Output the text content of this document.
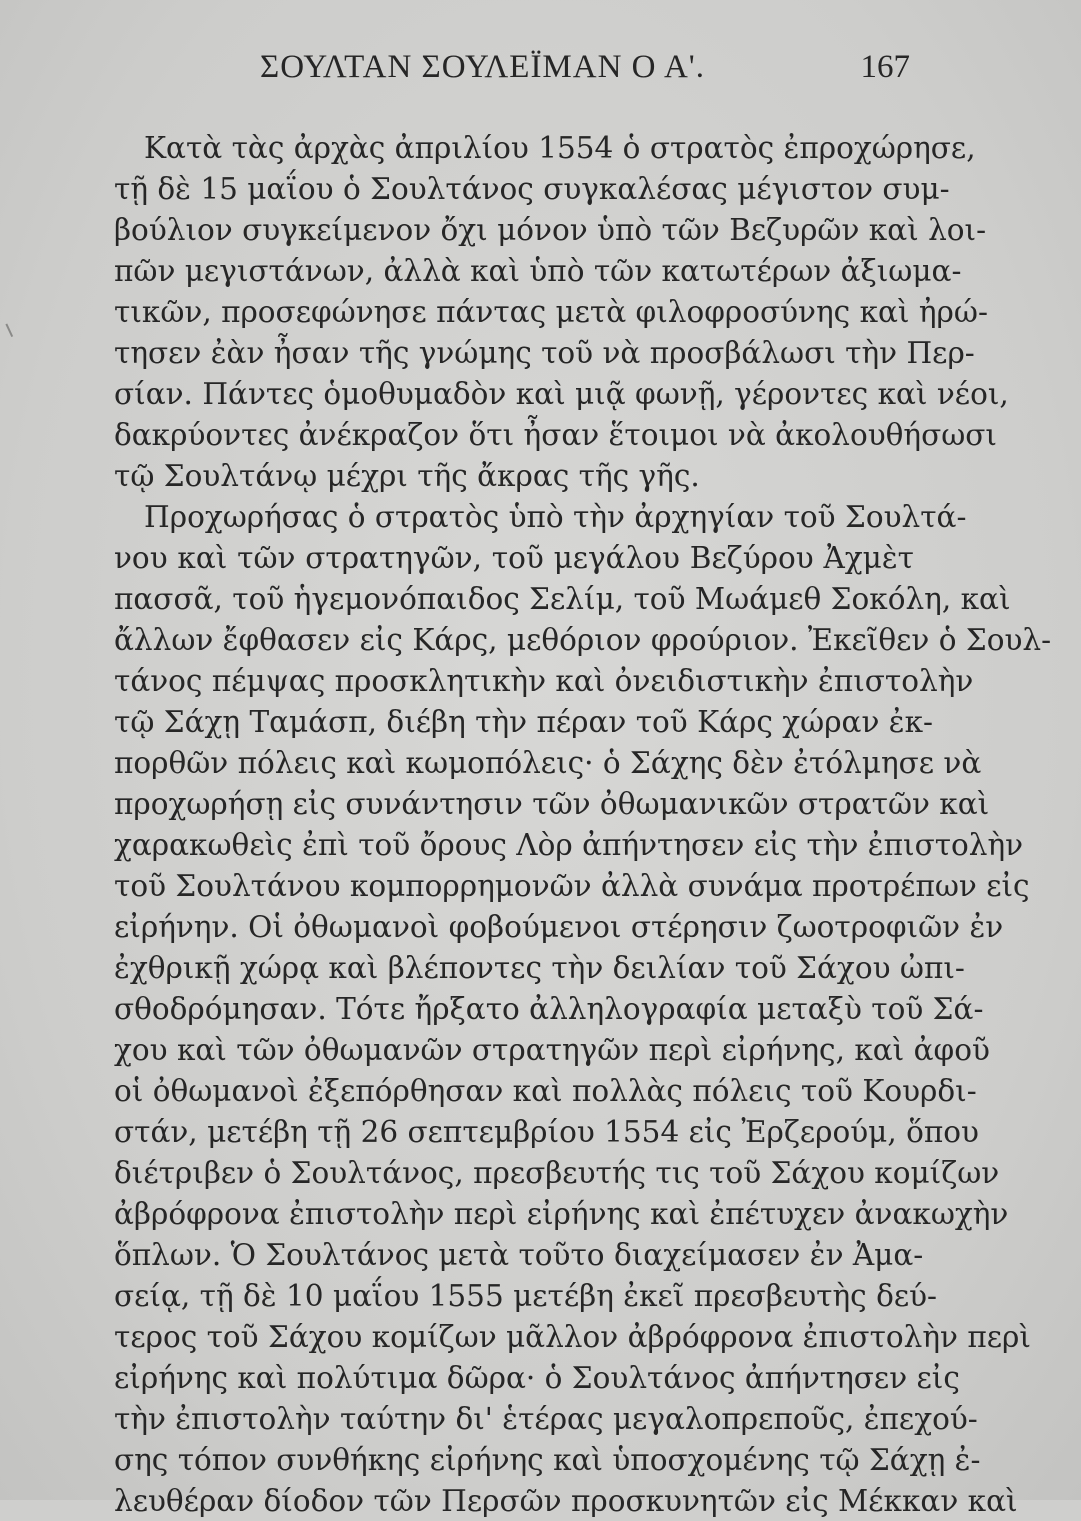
ΣΟΥΛΤΑΝ ΣΟΥΛΕΪΜΑΝ Ο Α'.	167
Κατὰ τὰς ἀρχὰς ἀπριλίου 1554 ὁ στρατὸς ἐπροχώρησε,
τῇ δὲ 15 μαΐου ὁ Σουλτάνος συγκαλέσας μέγιστον συμ-
βούλιον συγκείμενον ὄχι μόνον ὑπὸ τῶν Βεζυρῶν καὶ λοι-
πῶν μεγιστάνων, ἀλλὰ καὶ ὑπὸ τῶν κατωτέρων ἀξιωμα-
τικῶν, προσεφώνησε πάντας μετὰ φιλοφροσύνης καὶ ἠρώ-
τησεν ἐὰν ἦσαν τῆς γνώμης τοῦ νὰ προσβάλωσι τὴν Περ-
σίαν. Πάντες ὁμοθυμαδὸν καὶ μιᾷ φωνῇ, γέροντες καὶ νέοι,
δακρύοντες ἀνέκραζον ὅτι ἦσαν ἕτοιμοι νὰ ἀκολουθήσωσι
τῷ Σουλτάνῳ μέχρι τῆς ἄκρας τῆς γῆς.
Προχωρήσας ὁ στρατὸς ὑπὸ τὴν ἀρχηγίαν τοῦ Σουλτά-
νου καὶ τῶν στρατηγῶν, τοῦ μεγάλου Βεζύρου Ἀχμὲτ
πασσᾶ, τοῦ ἡγεμονόπαιδος Σελίμ, τοῦ Μωάμεθ Σοκόλη, καὶ
ἄλλων ἔφθασεν εἰς Κάρς, μεθόριον φρούριον. Ἐκεῖθεν ὁ Σουλ-
τάνος πέμψας προσκλητικὴν καὶ ὀνειδιστικὴν ἐπιστολὴν
τῷ Σάχῃ Ταμάσπ, διέβη τὴν πέραν τοῦ Κάρς χώραν ἐκ-
πορθῶν πόλεις καὶ κωμοπόλεις· ὁ Σάχης δὲν ἐτόλμησε νὰ
προχωρήσῃ εἰς συνάντησιν τῶν ὀθωμανικῶν στρατῶν καὶ
χαρακωθεὶς ἐπὶ τοῦ ὄρους Λὸρ ἀπήντησεν εἰς τὴν ἐπιστολὴν
τοῦ Σουλτάνου κομπορρημονῶν ἀλλὰ συνάμα προτρέπων εἰς
εἰρήνην. Οἱ ὀθωμανοὶ φοβούμενοι στέρησιν ζωοτροφιῶν ἐν
ἐχθρικῇ χώρᾳ καὶ βλέποντες τὴν δειλίαν τοῦ Σάχου ὠπι-
σθοδρόμησαν. Τότε ἤρξατο ἀλληλογραφία μεταξὺ τοῦ Σά-
χου καὶ τῶν ὀθωμανῶν στρατηγῶν περὶ εἰρήνης, καὶ ἀφοῦ
οἱ ὀθωμανοὶ ἐξεπόρθησαν καὶ πολλὰς πόλεις τοῦ Κουρδι-
στάν, μετέβη τῇ 26 σεπτεμβρίου 1554 εἰς Ἐρζερούμ, ὅπου
διέτριβεν ὁ Σουλτάνος, πρεσβευτής τις τοῦ Σάχου κομίζων
ἀβρόφρονα ἐπιστολὴν περὶ εἰρήνης καὶ ἐπέτυχεν ἀνακωχὴν
ὅπλων. Ὁ Σουλτάνος μετὰ τοῦτο διαχείμασεν ἐν Ἀμα-
σείᾳ, τῇ δὲ 10 μαΐου 1555 μετέβη ἐκεῖ πρεσβευτὴς δεύ-
τερος τοῦ Σάχου κομίζων μᾶλλον ἀβρόφρονα ἐπιστολὴν περὶ
εἰρήνης καὶ πολύτιμα δῶρα· ὁ Σουλτάνος ἀπήντησεν εἰς
τὴν ἐπιστολὴν ταύτην δι' ἑτέρας μεγαλοπρεποῦς, ἐπεχού-
σης τόπον συνθήκης εἰρήνης καὶ ὑποσχομένης τῷ Σάχῃ ἐ-
λευθέραν δίοδον τῶν Περσῶν προσκυνητῶν εἰς Μέκκαν καὶ
